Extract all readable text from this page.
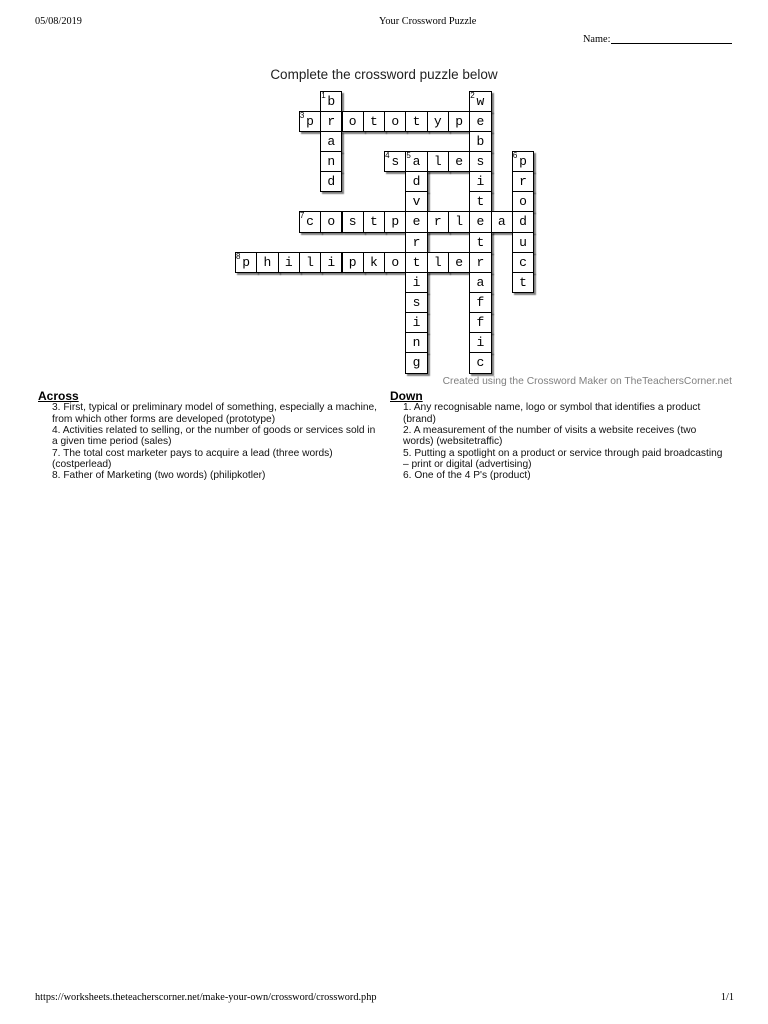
05/08/2019	Your Crossword Puzzle
Name:
Complete the crossword puzzle below
1 b	2 w
3 p	r	o	t	o	t	y	p	e
a	b
n	4 s 5 a	l	e	s	6 p
d	d	i	r
v	t	o
7 c	o	s	t	p	e	r	l	e	a	d
r	t	u
8 p	h	i	l	i	p	k	o	t	l	e	r	c
i	a	t
s	f
i	f
n	i
g	c
Created using the Crossword Maker on TheTeachersCorner.net
Across
3. First, typical or preliminary model of something, especially a machine, from which other forms are developed (prototype)
4. Activities related to selling, or the number of goods or services sold in a given time period (sales)
7. The total cost marketer pays to acquire a lead (three words) (costperlead)
8. Father of Marketing (two words) (philipkotler)
Down
1. Any recognisable name, logo or symbol that identifies a product (brand)
2. A measurement of the number of visits a website receives (two words) (websitetraffic)
5. Putting a spotlight on a product or service through paid broadcasting – print or digital (advertising)
6. One of the 4 P's (product)
https://worksheets.theteacherscorner.net/make-your-own/crossword/crossword.php	1/1
